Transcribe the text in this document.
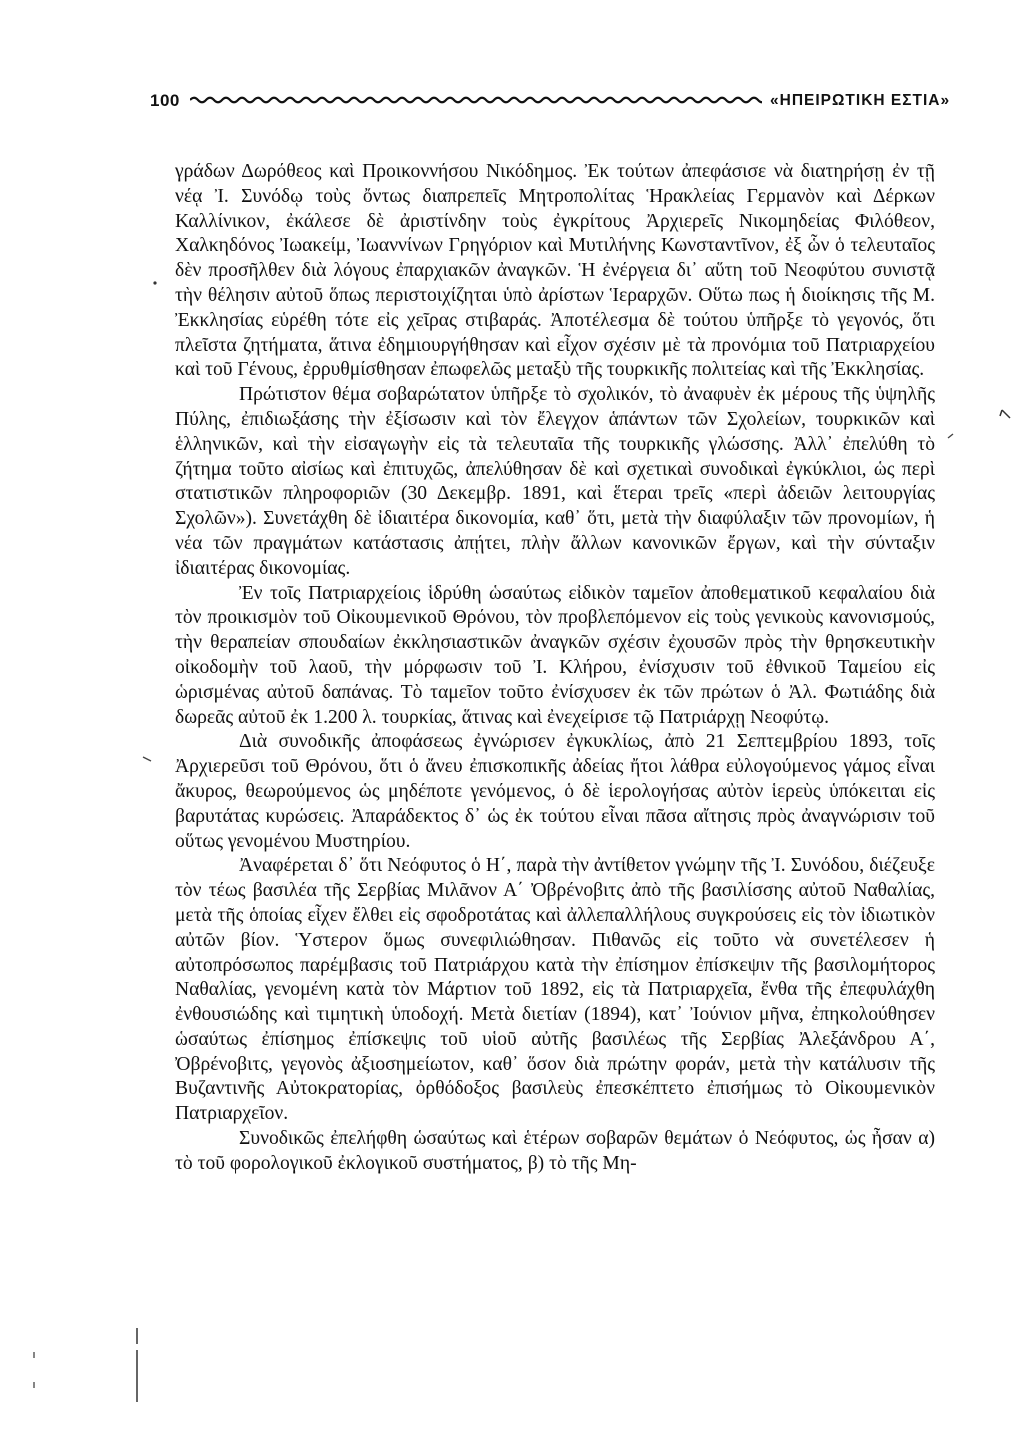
100	«ΗΠΕΙΡΩΤΙΚΗ ΕΣΤΙΑ»

γράδων Δωρόθεος καὶ Προικοννήσου Νικόδημος. Ἐκ τούτων ἀπεφάσισε νὰ διατηρήσῃ ἐν τῇ νέᾳ Ἰ. Συνόδῳ τοὺς ὄντως διαπρεπεῖς Μητροπολίτας Ἡρακλείας Γερμανὸν καὶ Δέρκων Καλλίνικον, ἐκάλεσε δὲ ἀριστίνδην τοὺς ἐγκρίτους Ἀρχιερεῖς Νικομηδείας Φιλόθεον, Χαλκηδόνος Ἰωακείμ, Ἰωαννίνων Γρηγόριον καὶ Μυτιλήνης Κωνσταντῖνον, ἐξ ὧν ὁ τελευταῖος δὲν προσῆλθεν διὰ λόγους ἐπαρχιακῶν ἀναγκῶν. Ἡ ἐνέργεια δι᾽ αὕτη τοῦ Νεοφύτου συνιστᾷ τὴν θέλησιν αὐτοῦ ὅπως περιστοιχίζηται ὑπὸ ἀρίστων Ἱεραρχῶν. Οὕτω πως ἡ διοίκησις τῆς Μ. Ἐκκλησίας εὑρέθη τότε εἰς χεῖρας στιβαράς. Ἀποτέλεσμα δὲ τούτου ὑπῆρξε τὸ γεγονός, ὅτι πλεῖστα ζητήματα, ἅτινα ἐδημιουργήθησαν καὶ εἶχον σχέσιν μὲ τὰ προνόμια τοῦ Πατριαρχείου καὶ τοῦ Γένους, ἐρρυθμίσθησαν ἐπωφελῶς μεταξὺ τῆς τουρκικῆς πολιτείας καὶ τῆς Ἐκκλησίας.

Πρώτιστον θέμα σοβαρώτατον ὑπῆρξε τὸ σχολικόν, τὸ ἀναφυὲν ἐκ μέρους τῆς ὑψηλῆς Πύλης, ἐπιδιωξάσης τὴν ἐξίσωσιν καὶ τὸν ἔλεγχον ἁπάντων τῶν Σχολείων, τουρκικῶν καὶ ἑλληνικῶν, καὶ τὴν εἰσαγωγὴν εἰς τὰ τελευταῖα τῆς τουρκικῆς γλώσσης. Ἀλλ᾽ ἐπελύθη τὸ ζήτημα τοῦτο αἰσίως καὶ ἐπιτυχῶς, ἀπελύθησαν δὲ καὶ σχετικαὶ συνοδικαὶ ἐγκύκλιοι, ὡς περὶ στατιστικῶν πληροφοριῶν (30 Δεκεμβρ. 1891, καὶ ἕτεραι τρεῖς «περὶ ἀδειῶν λειτουργίας Σχολῶν»). Συνετάχθη δὲ ἰδιαιτέρα δικονομία, καθ᾽ ὅτι, μετὰ τὴν διαφύλαξιν τῶν προνομίων, ἡ νέα τῶν πραγμάτων κατάστασις ἀπῄτει, πλὴν ἄλλων κανονικῶν ἔργων, καὶ τὴν σύνταξιν ἰδιαιτέρας δικονομίας.

Ἐν τοῖς Πατριαρχείοις ἱδρύθη ὡσαύτως εἰδικὸν ταμεῖον ἀποθεματικοῦ κεφαλαίου διὰ τὸν προικισμὸν τοῦ Οἰκουμενικοῦ Θρόνου, τὸν προβλεπόμενον εἰς τοὺς γενικοὺς κανονισμούς, τὴν θεραπείαν σπουδαίων ἐκκλησιαστικῶν ἀναγκῶν σχέσιν ἐχουσῶν πρὸς τὴν θρησκευτικὴν οἰκοδομὴν τοῦ λαοῦ, τὴν μόρφωσιν τοῦ Ἰ. Κλήρου, ἐνίσχυσιν τοῦ ἐθνικοῦ Ταμείου εἰς ὡρισμένας αὐτοῦ δαπάνας. Τὸ ταμεῖον τοῦτο ἐνίσχυσεν ἐκ τῶν πρώτων ὁ Ἀλ. Φωτιάδης διὰ δωρεᾶς αὐτοῦ ἐκ 1.200 λ. τουρκίας, ἅτινας καὶ ἐνεχείρισε τῷ Πατριάρχῃ Νεοφύτῳ.

Διὰ συνοδικῆς ἀποφάσεως ἐγνώρισεν ἐγκυκλίως, ἀπὸ 21 Σεπτεμβρίου 1893, τοῖς Ἀρχιερεῦσι τοῦ Θρόνου, ὅτι ὁ ἄνευ ἐπισκοπικῆς ἀδείας ἤτοι λάθρα εὐλογούμενος γάμος εἶναι ἄκυρος, θεωρούμενος ὡς μηδέποτε γενόμενος, ὁ δὲ ἱερολογήσας αὐτὸν ἱερεὺς ὑπόκειται εἰς βαρυτάτας κυρώσεις. Ἀπαράδεκτος δ᾽ ὡς ἐκ τούτου εἶναι πᾶσα αἴτησις πρὸς ἀναγνώρισιν τοῦ οὕτως γενομένου Μυστηρίου.

Ἀναφέρεται δ᾽ ὅτι Νεόφυτος ὁ Η΄, παρὰ τὴν ἀντίθετον γνώμην τῆς Ἰ. Συνόδου, διέζευξε τὸν τέως βασιλέα τῆς Σερβίας Μιλᾶνον Α΄ Ὀβρένοβιτς ἀπὸ τῆς βασιλίσσης αὐτοῦ Ναθαλίας, μετὰ τῆς ὁποίας εἶχεν ἔλθει εἰς σφοδροτάτας καὶ ἀλλεπαλλήλους συγκρούσεις εἰς τὸν ἰδιωτικὸν αὐτῶν βίον. Ὑστερον ὅμως συνεφιλιώθησαν. Πιθανῶς εἰς τοῦτο νὰ συνετέλεσεν ἡ αὐτοπρόσωπος παρέμβασις τοῦ Πατριάρχου κατὰ τὴν ἐπίσημον ἐπίσκεψιν τῆς βασιλομήτορος Ναθαλίας, γενομένη κατὰ τὸν Μάρτιον τοῦ 1892, εἰς τὰ Πατριαρχεῖα, ἔνθα τῆς ἐπεφυλάχθη ἐνθουσιώδης καὶ τιμητικὴ ὑποδοχή. Μετὰ διετίαν (1894), κατ᾽ Ἰούνιον μῆνα, ἐπηκολούθησεν ὡσαύτως ἐπίσημος ἐπίσκεψις τοῦ υἱοῦ αὐτῆς βασιλέως τῆς Σερβίας Ἀλεξάνδρου Α΄, Ὀβρένοβιτς, γεγονὸς ἀξιοσημείωτον, καθ᾽ ὅσον διὰ πρώτην φοράν, μετὰ τὴν κατάλυσιν τῆς Βυζαντινῆς Αὐτοκρατορίας, ὀρθόδοξος βασιλεὺς ἐπεσκέπτετο ἐπισήμως τὸ Οἰκουμενικὸν Πατριαρχεῖον.

Συνοδικῶς ἐπελήφθη ὡσαύτως καὶ ἑτέρων σοβαρῶν θεμάτων ὁ Νεόφυτος, ὡς ἦσαν α) τὸ τοῦ φορολογικοῦ ἐκλογικοῦ συστήματος, β) τὸ τῆς Μη-
